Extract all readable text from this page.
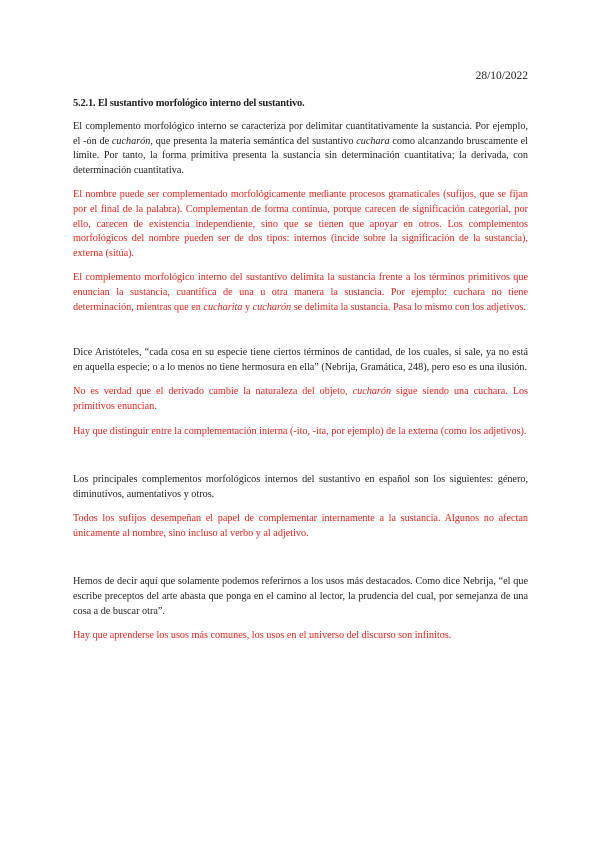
28/10/2022
5.2.1. El sustantivo morfológico interno del sustantivo.

El complemento morfológico interno se caracteriza por delimitar cuantitativamente la sustancia. Por ejemplo, el -ón de cucharón, que presenta la materia semántica del sustantivo cuchara como alcanzando bruscamente el límite. Por tanto, la forma primitiva presenta la sustancia sin determinación cuantitativa; la derivada, con determinación cuantitativa.

El nombre puede ser complementado morfológicamente mediante procesos gramaticales (sufijos, que se fijan por el final de la palabra). Complementan de forma continua, porque carecen de significación categorial, por ello, carecen de existencia independiente, sino que se tienen que apoyar en otros. Los complementos morfológicos del nombre pueden ser de dos tipos: internos (incide sobre la significación de la sustancia), externa (sitúa).

El complemento morfológico interno del sustantivo delimita la sustancia frente a los términos primitivos que enuncian la sustancia, cuantifica de una u otra manera la sustancia. Por ejemplo: cuchara no tiene determinación, mientras que en cucharita y cucharón se delimita la sustancia. Pasa lo mismo con los adjetivos.

Dice Aristóteles, “cada cosa en su especie tiene ciertos términos de cantidad, de los cuales, si sale, ya no está en aquella especie; o a lo menos no tiene hermosura en ella” (Nebrija, Gramática, 248), pero eso es una ilusión.

No es verdad que el derivado cambie la naturaleza del objeto, cucharón sigue siendo una cuchara. Los primitivos enuncian.

Hay que distinguir entre la complementación interna (-ito, -ita, por ejemplo) de la externa (como los adjetivos).

Los principales complementos morfológicos internos del sustantivo en español son los siguientes: género, diminutivos, aumentativos y otros.

Todos los sufijos desempeñan el papel de complementar internamente a la sustancia. Algunos no afectan únicamente al nombre, sino incluso al verbo y al adjetivo.

Hemos de decir aquí que solamente podemos referirnos a los usos más destacados. Como dice Nebrija, “el que escribe preceptos del arte abasta que ponga en el camino al lector, la prudencia del cual, por semejanza de una cosa a de buscar otra”.

Hay que aprenderse los usos más comunes, los usos en el universo del discurso son infinitos.
